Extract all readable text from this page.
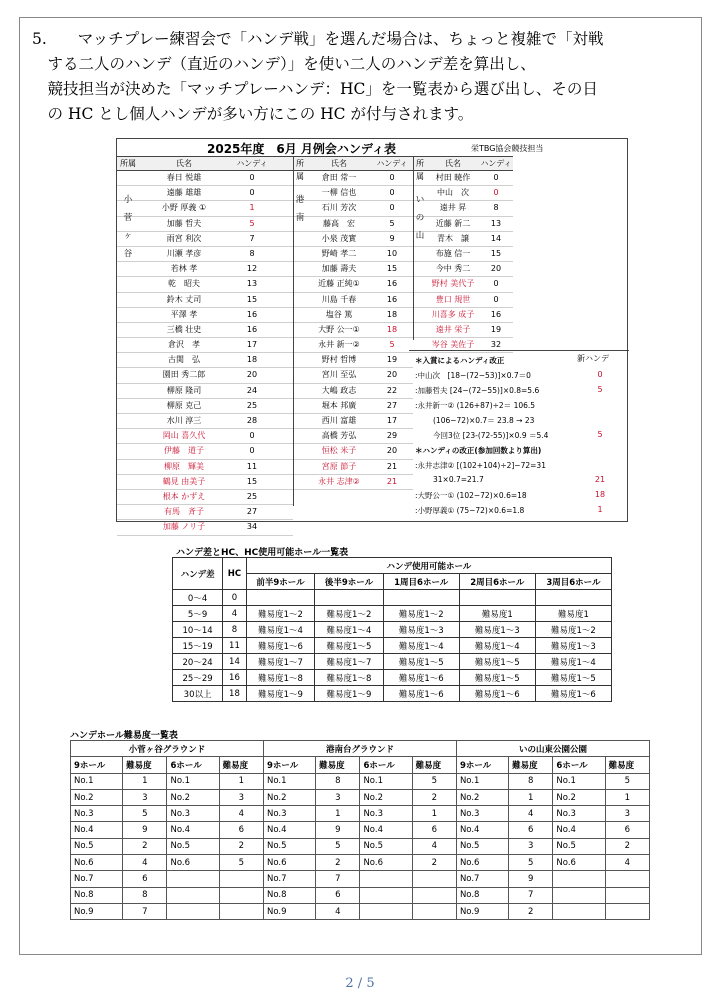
5.　　マッチプレー練習会で「ハンデ戦」を選んだ場合は、ちょっと複雑で「対戦

　する二人のハンデ（直近のハンデ）」を使い二人のハンデ差を算出し、

　競技担当が決めた「マッチプレーハンデ：HC」を一覧表から選び出し、その日

　の HC とし個人ハンデが多い方にこの HC が付与されます。

2025年度　6月 月例会ハンディ表	栄TBG協会競技担当
所属	氏名	ハンディ
春日 悦雄	0
遠藤 雄雄	0
小野 厚義 ①	1
加藤 哲夫	5
雨宮 利次	7
川瀬 孝彦	8
若林 孝	12
乾　昭夫	13
鈴木 丈司	15
平澤 孝	16
三橋 壮史	16
倉沢　孝	17
古関　弘	18
園田 秀二郎	20
柳原 隆司	24
柳原 克己	25
水川 淳三	28
岡山 喜久代	0
伊藤　道子	0
柳原　輝美	11
鶴見 由美子	15
根本 かずえ	25
有馬　斉子	27
加藤 ノリ子	34
小
菅
ヶ
谷
所属
氏名	ハンディ
倉田 常一	0
一柳 信也	0
石川 芳次	0
藤高　宏	5
小泉 茂實	9
野崎 孝二	10
加藤 壽夫	15
近藤 正純①	16
川島 千春	16
塩谷 篤	18
大野 公一①	18
永井 新一②	5
野村 哲博	19
宮川 至弘	20
大嶋 政志	22
堀本 邦廣	27
西川 富雄	17
高橋 芳弘	29
恒松 米子	20
宮原 節子	21
永井 志津②	21
港
南
所属
氏名	ハンディ
村田 暁作	0
中山　次	0
遠井 昇	8
近藤 新二	13
青木　譲	14
布施 信一	15
今中 秀二	20
野村 美代子	0
豊口 規世	0
川喜多 成子	16
遠井 栄子	19
岑谷 美佐子	32
い
の
山
新ハンデ
＊入賞によるハンディ改正
:中山次　[18−(72−53)]×0.7＝0	0
:加藤哲夫 [24−(72−55)]×0.8=5.6	5
:永井新一② (126+87)÷2＝ 106.5
(106−72)×0.7＝ 23.8 → 23
今回3位 [23-(72-55)]×0.9 ＝5.4	5
＊ハンディの改正(参加回数より算出)
:永井志津② [(102+104)÷2]−72=31
31×0.7=21.7	21
:大野公一① (102−72)×0.6=18	18
:小野厚義① (75−72)×0.6=1.8	1
ハンデ差とHC、HC使用可能ホール一覧表
ハンデ差	HC	ハンデ使用可能ホール				
		前半9ホール	後半9ホール	1周目6ホール	2周目6ホール	3周目6ホール
0～4	0					
5～9	4	難易度1～2	難易度1～2	難易度1～2	難易度1	難易度1
10～14	8	難易度1～4	難易度1～4	難易度1～3	難易度1～3	難易度1～2
15～19	11	難易度1～6	難易度1～5	難易度1～4	難易度1～4	難易度1～3
20～24	14	難易度1～7	難易度1～7	難易度1～5	難易度1～5	難易度1～4
25～29	16	難易度1～8	難易度1～8	難易度1～6	難易度1～5	難易度1～5
30以上	18	難易度1～9	難易度1～9	難易度1～6	難易度1～6	難易度1～6
ハンデホール難易度一覧表
小菅ヶ谷グラウンド				港南台グラウンド				いの山東公園公園			
9ホール	難易度	6ホール	難易度	9ホール	難易度	6ホール	難易度	9ホール	難易度	6ホール	難易度
No.1	1	No.1	1	No.1	8	No.1	5	No.1	8	No.1	5
No.2	3	No.2	3	No.2	3	No.2	2	No.2	1	No.2	1
No.3	5	No.3	4	No.3	1	No.3	1	No.3	4	No.3	3
No.4	9	No.4	6	No.4	9	No.4	6	No.4	6	No.4	6
No.5	2	No.5	2	No.5	5	No.5	4	No.5	3	No.5	2
No.6	4	No.6	5	No.6	2	No.6	2	No.6	5	No.6	4
No.7	6			No.7	7			No.7	9		
No.8	8			No.8	6			No.8	7		
No.9	7			No.9	4			No.9	2		
2 / 5
